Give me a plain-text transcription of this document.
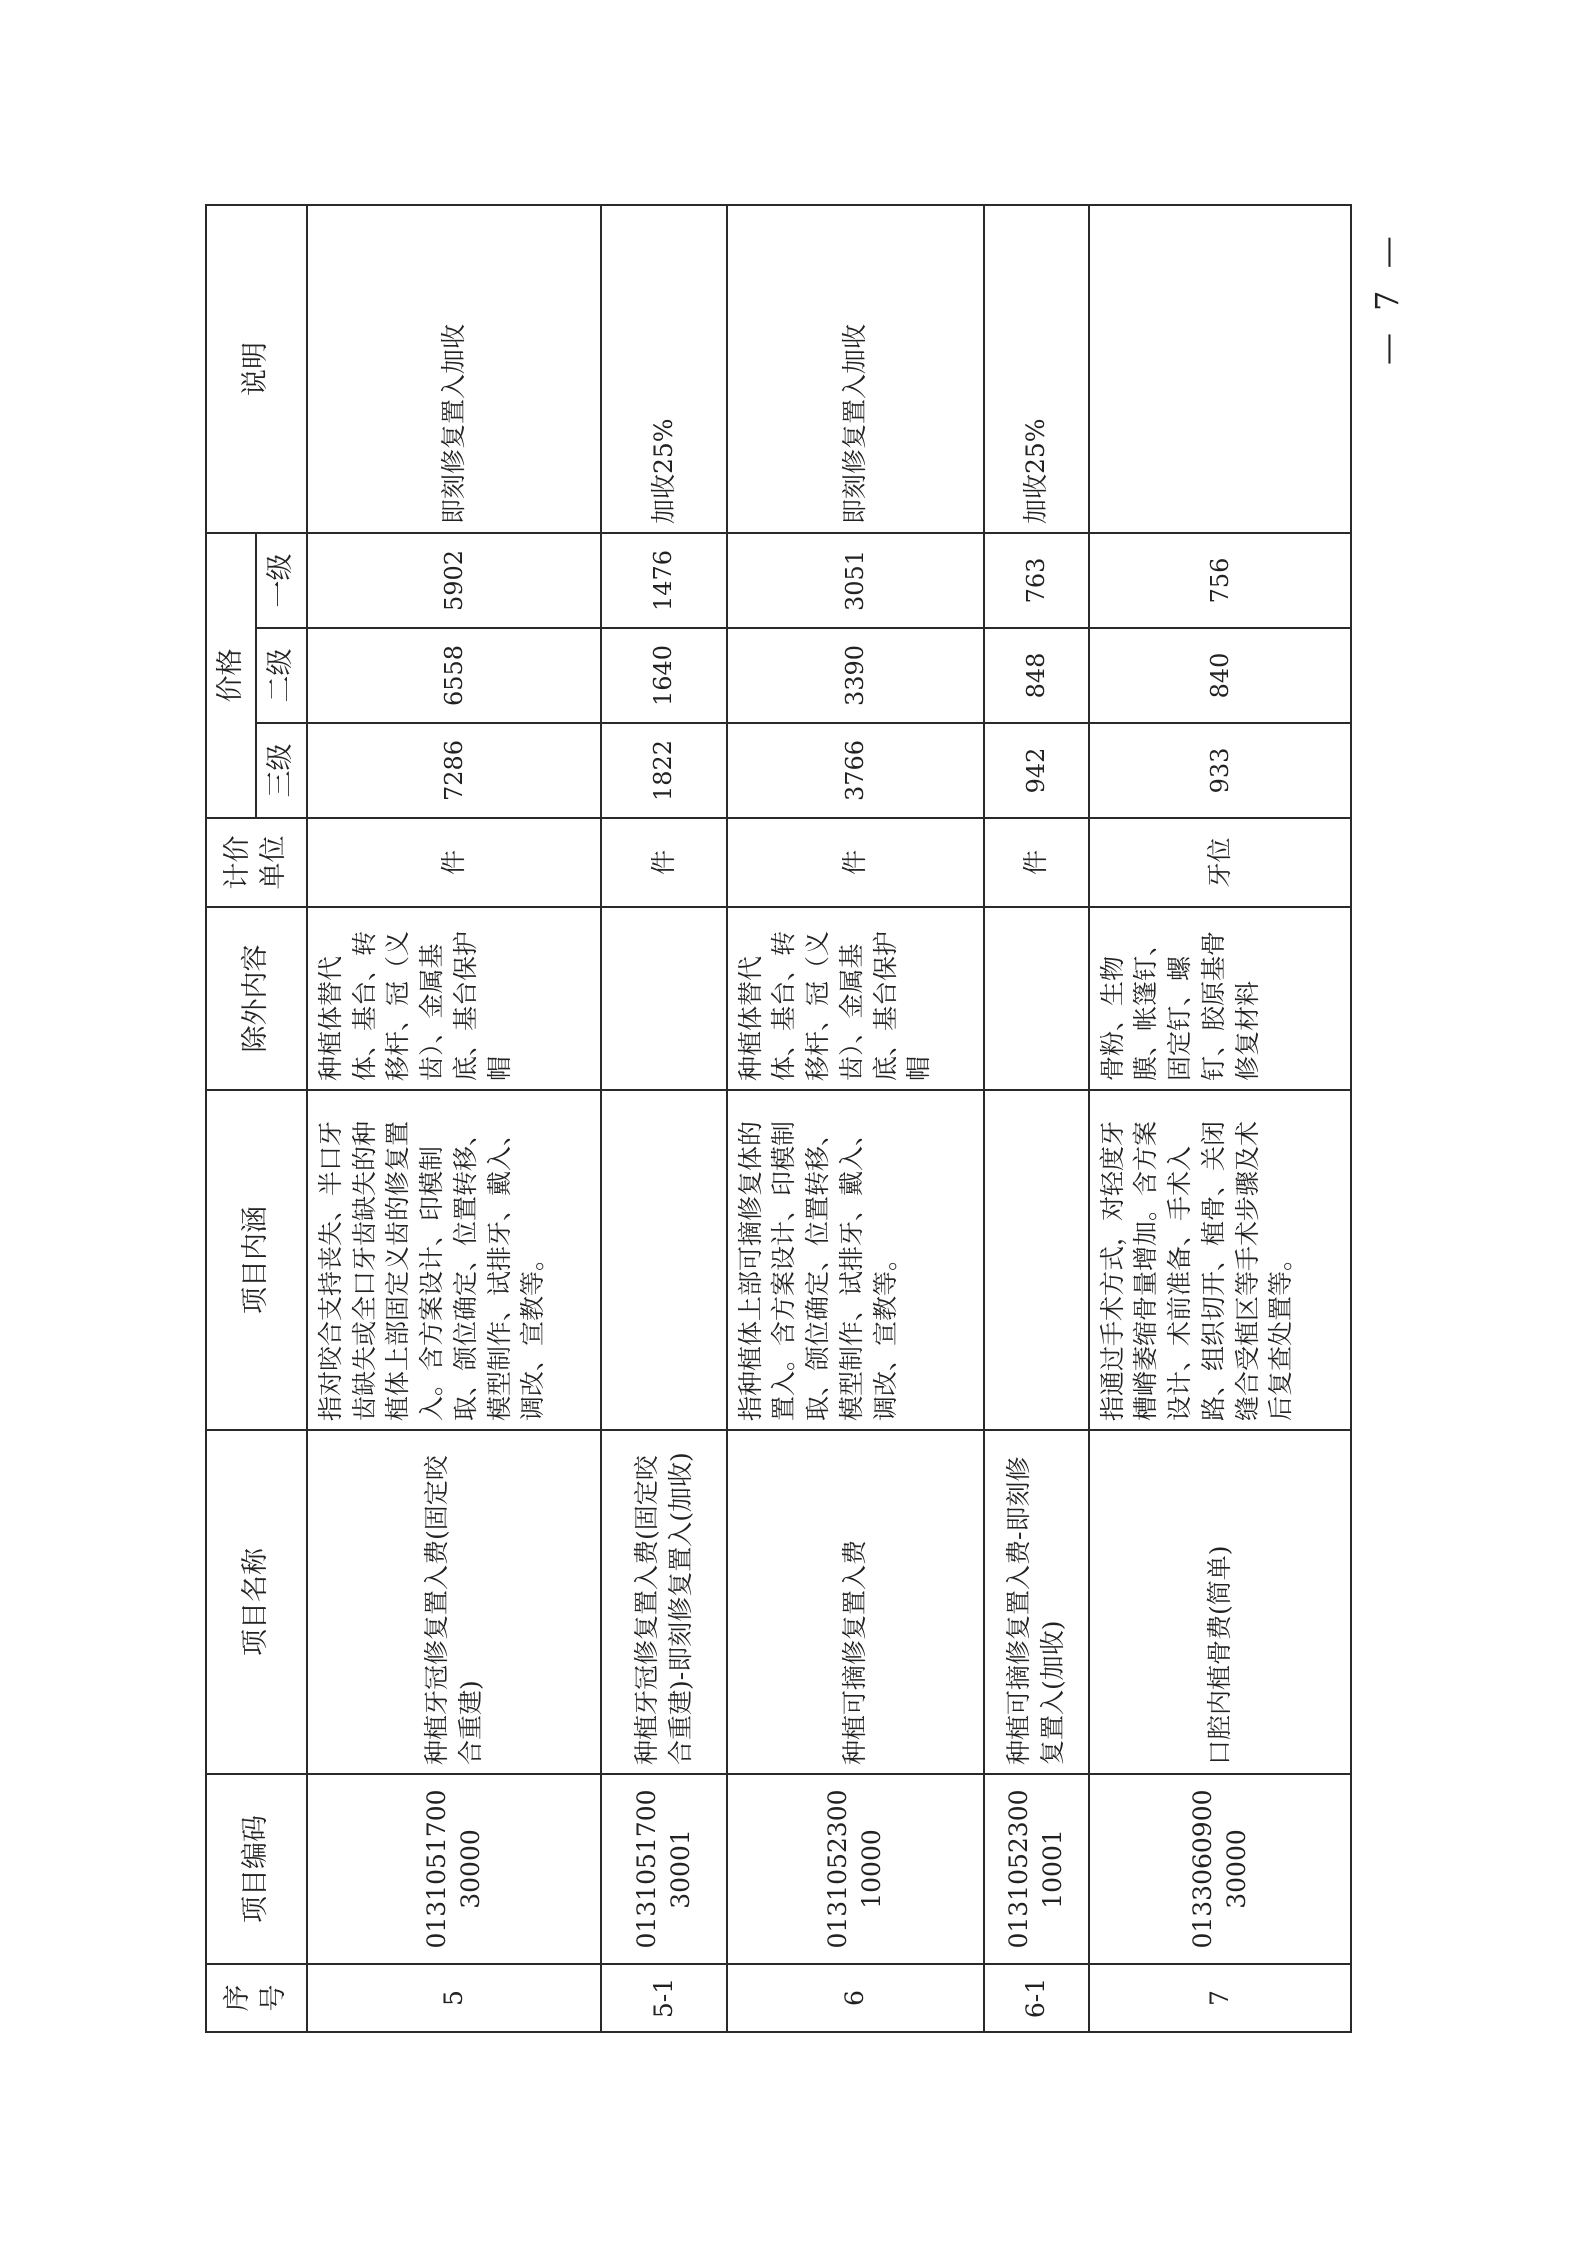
序号	项目编码	项目名称	项目内涵	除外内容	计价单位	价格			说明
						三级	二级	一级	
5	013105170030000	种植牙冠修复置入费(固定咬合重建)	指对咬合支持丧失、半口牙齿缺失或全口牙齿缺失的种植体上部固定义齿的修复置入。含方案设计、印模制取、颌位确定、位置转移、模型制作、试排牙、戴入、调改、宣教等。	种植体替代体、基台、转移杆、冠（义齿）、金属基底、基台保护帽	件	7286	6558	5902	即刻修复置入加收
5-1	013105170030001	种植牙冠修复置入费(固定咬合重建)-即刻修复置入(加收)			件	1822	1640	1476	加收25%
6	013105230010000	种植可摘修复置入费	指种植体上部可摘修复体的置入。含方案设计、印模制取、颌位确定、位置转移、模型制作、试排牙、戴入、调改、宣教等。	种植体替代体、基台、转移杆、冠（义齿）、金属基底、基台保护帽	件	3766	3390	3051	即刻修复置入加收
6-1	013105230010001	种植可摘修复置入费-即刻修复置入(加收)			件	942	848	763	加收25%
7	013306090030000	口腔内植骨费(简单)	指通过手术方式，对轻度牙槽嵴萎缩骨量增加。含方案设计、术前准备、手术入路、组织切开、植骨、关闭缝合受植区等手术步骤及术后复查处置等。	骨粉、生物膜、帐篷钉、固定钉、螺钉、胶原基骨修复材料	牙位	933	840	756	
— 7 —
